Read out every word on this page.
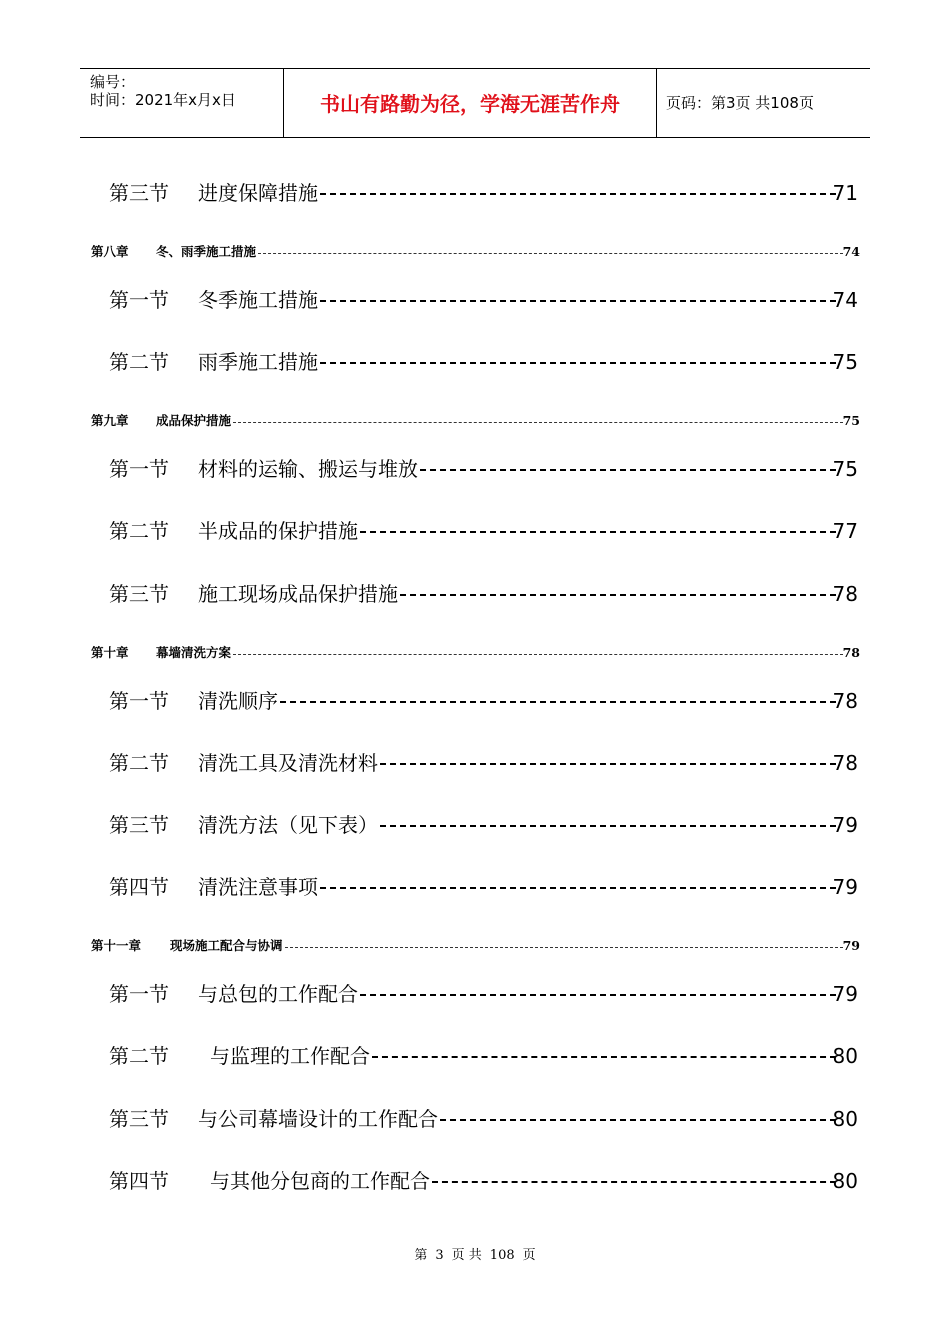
编号：
时间：2021年x月x日	书山有路勤为径，学海无涯苦作舟	页码：第3页 共108页
第三节 进度保障措施	71
第八章 冬、雨季施工措施	74
第一节 冬季施工措施	74
第二节 雨季施工措施	75
第九章 成品保护措施	75
第一节 材料的运输、搬运与堆放	75
第二节 半成品的保护措施	77
第三节 施工现场成品保护措施	78
第十章 幕墙清洗方案	78
第一节 清洗顺序	78
第二节 清洗工具及清洗材料	78
第三节 清洗方法（见下表）	79
第四节 清洗注意事项	79
第十一章 现场施工配合与协调	79
第一节 与总包的工作配合	79
第二节 与监理的工作配合	80
第三节 与公司幕墙设计的工作配合	80
第四节 与其他分包商的工作配合	80
第 3 页 共 108 页
